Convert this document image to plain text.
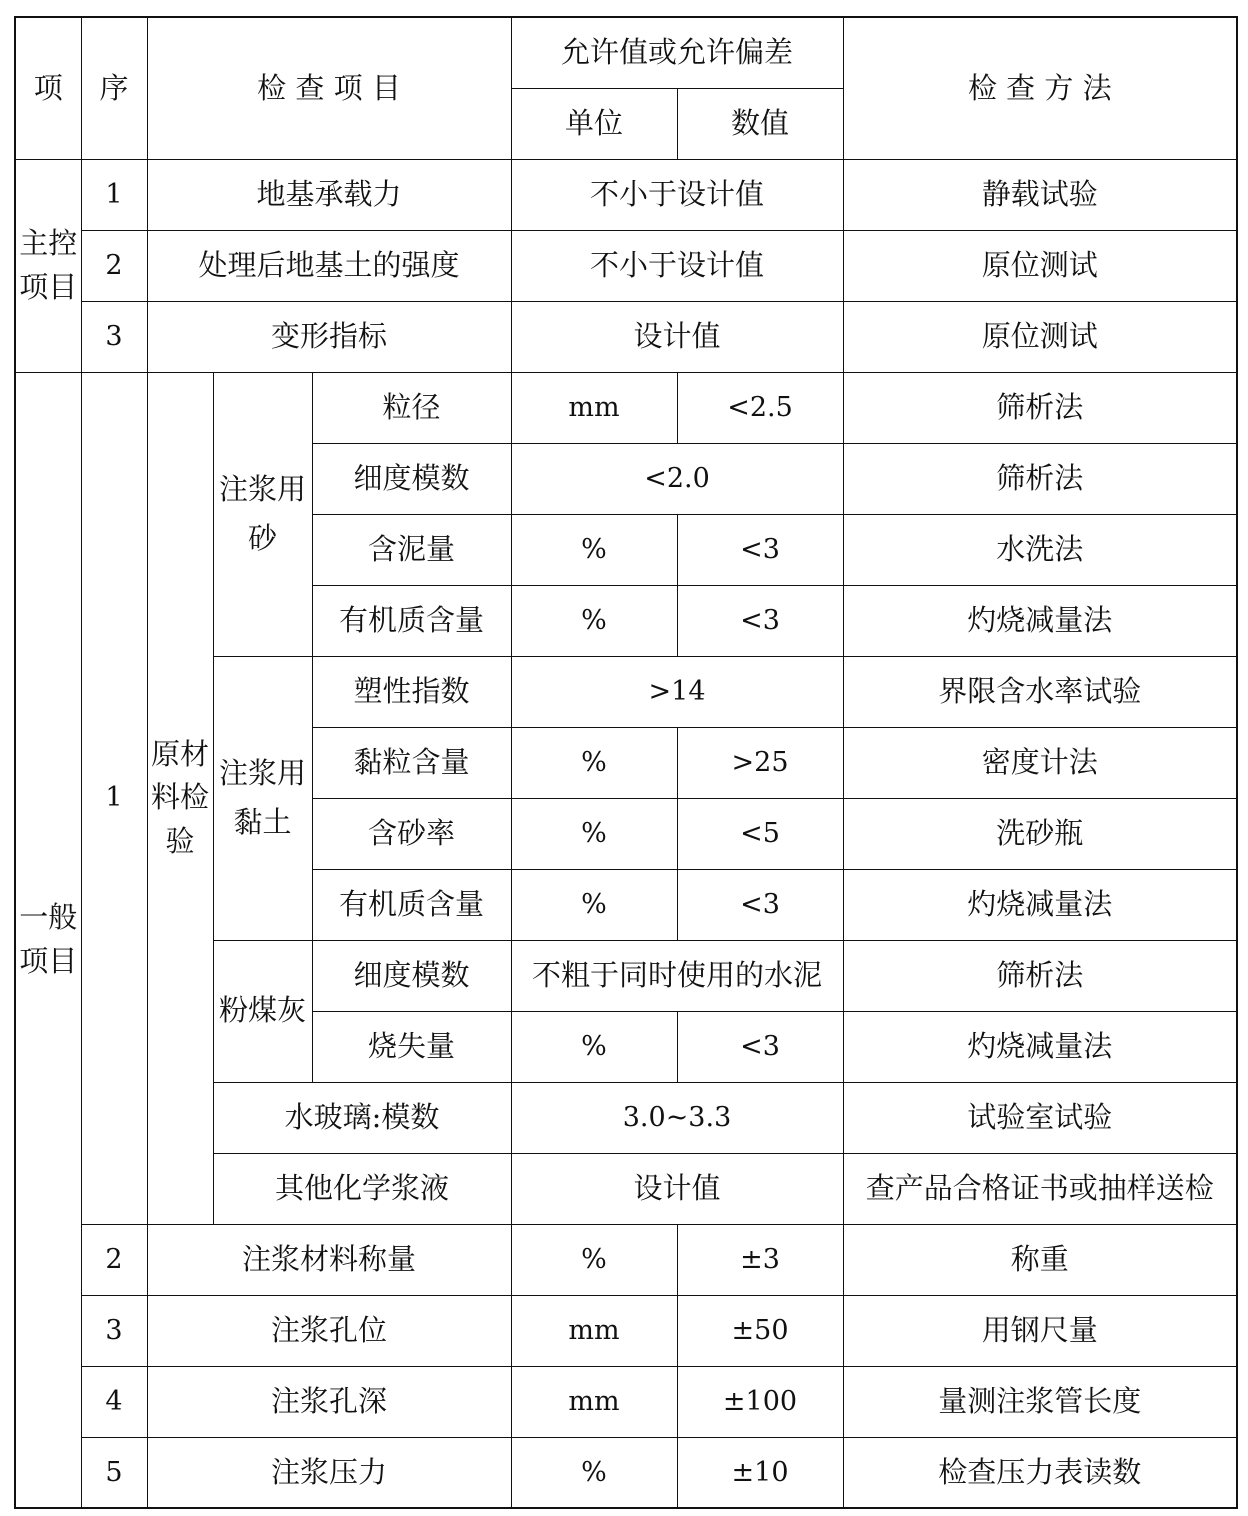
项	序	检 查 项 目			允许值或允许偏差		检 查 方 法
					单位	数值	
主控项目	1	地基承载力			不小于设计值		静载试验
	2	处理后地基土的强度			不小于设计值		原位测试
	3	变形指标			设计值		原位测试
一般项目	1	原材料检验	注浆用砂	粒径	mm	<2.5	筛析法
				细度模数	<2.0		筛析法
				含泥量	%	<3	水洗法
				有机质含量	%	<3	灼烧减量法
			注浆用黏土	塑性指数	>14		界限含水率试验
				黏粒含量	%	>25	密度计法
				含砂率	%	<5	洗砂瓶
				有机质含量	%	<3	灼烧减量法
			粉煤灰	细度模数	不粗于同时使用的水泥		筛析法
				烧失量	%	<3	灼烧减量法
			水玻璃:模数		3.0~3.3		试验室试验
			其他化学浆液		设计值		查产品合格证书或抽样送检
	2	注浆材料称量			%	±3	称重
	3	注浆孔位			mm	±50	用钢尺量
	4	注浆孔深			mm	±100	量测注浆管长度
	5	注浆压力			%	±10	检查压力表读数
